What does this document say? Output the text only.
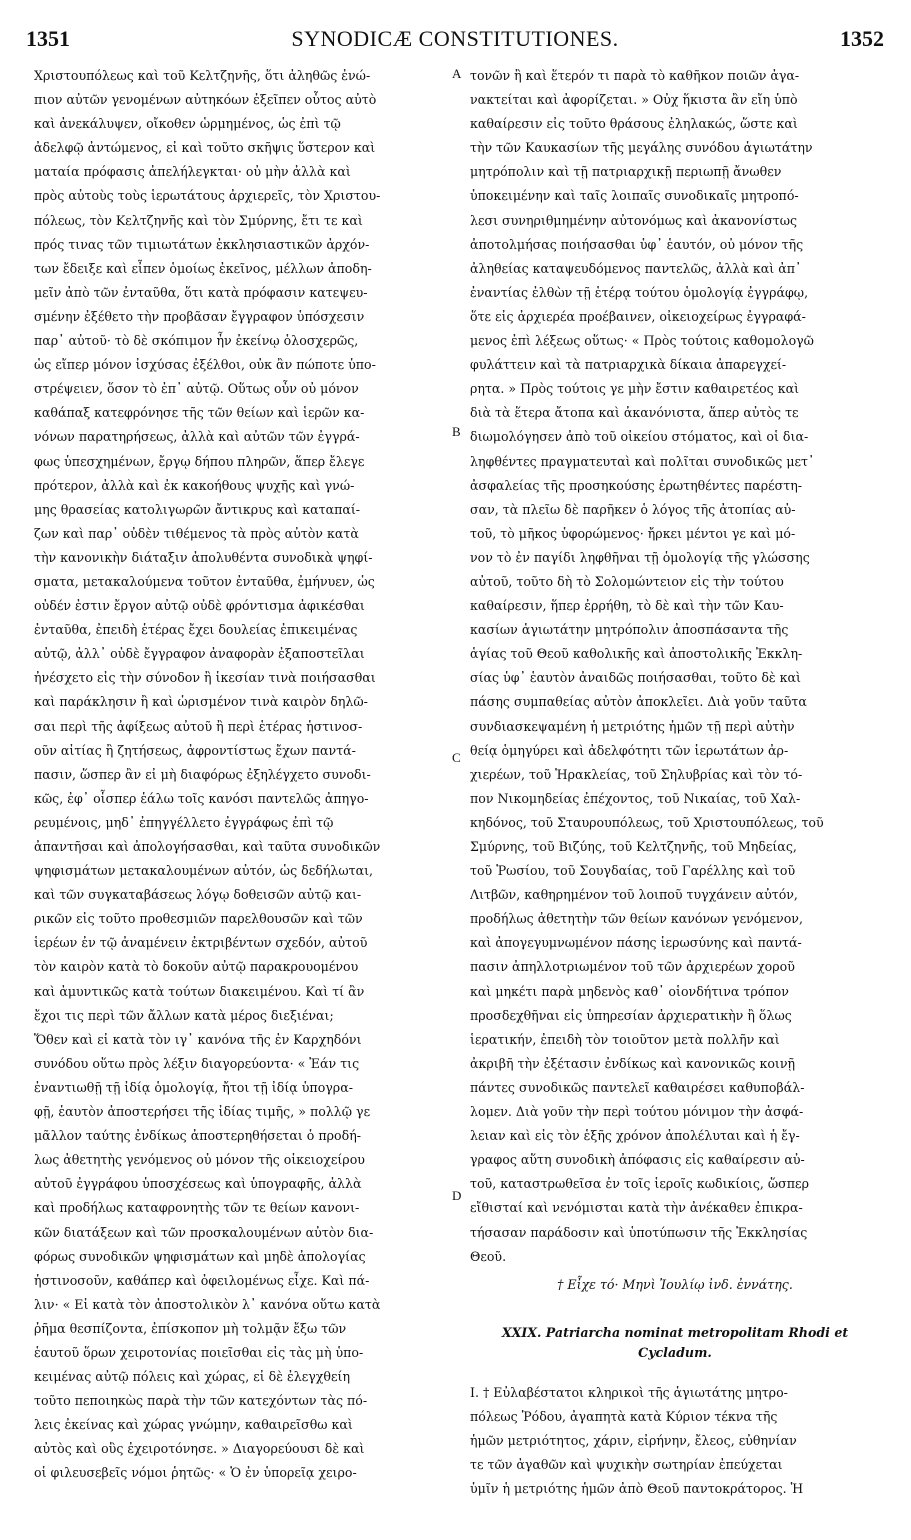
1351	SYNODICÆ CONSTITUTIONES.	1352
A
B
C
D
Χριστουπόλεως καὶ τοῦ Κελτζηνῆς, ὅτι ἀληθῶς ἐνώ-
πιον αὐτῶν γενομένων αὐτηκόων ἐξεῖπεν οὗτος αὐτὸ
καὶ ἀνεκάλυψεν, οἴκοθεν ὡρμημένος, ὡς ἐπὶ τῷ
ἀδελφῷ ἀντώμενος, εἰ καὶ τοῦτο σκῆψις ὕστερον καὶ
ματαία πρόφασις ἀπελήλεγκται· οὐ μὴν ἀλλὰ καὶ
πρὸς αὐτοὺς τοὺς ἱερωτάτους ἀρχιερεῖς, τὸν Χριστου-
πόλεως, τὸν Κελτζηνῆς καὶ τὸν Σμύρνης, ἔτι τε καὶ
πρός τινας τῶν τιμιωτάτων ἐκκλησιαστικῶν ἀρχόν-
των ἔδειξε καὶ εἶπεν ὁμοίως ἐκεῖνος, μέλλων ἀποδη-
μεῖν ἀπὸ τῶν ἐνταῦθα, ὅτι κατὰ πρόφασιν κατεψευ-
σμένην ἐξέθετο τὴν προβᾶσαν ἔγγραφον ὑπόσχεσιν
παρ᾽ αὐτοῦ· τὸ δὲ σκόπιμον ἦν ἐκείνῳ ὁλοσχερῶς,
ὡς εἴπερ μόνον ἰσχύσας ἐξέλθοι, οὐκ ἂν πώποτε ὑπο-
στρέψειεν, ὅσον τὸ ἐπ᾽ αὐτῷ. Οὕτως οὖν οὐ μόνον
καθάπαξ κατεφρόνησε τῆς τῶν θείων καὶ ἱερῶν κα-
νόνων παρατηρήσεως, ἀλλὰ καὶ αὐτῶν τῶν ἐγγρά-
φως ὑπεσχημένων, ἔργῳ δήπου πληρῶν, ἅπερ ἔλεγε
πρότερον, ἀλλὰ καὶ ἐκ κακοήθους ψυχῆς καὶ γνώ-
μης θρασείας κατολιγωρῶν ἄντικρυς καὶ καταπαί-
ζων καὶ παρ᾽ οὐδὲν τιθέμενος τὰ πρὸς αὐτὸν κατὰ
τὴν κανονικὴν διάταξιν ἀπολυθέντα συνοδικὰ ψηφί-
σματα, μετακαλούμενα τοῦτον ἐνταῦθα, ἐμήνυεν, ὡς
οὐδέν ἐστιν ἔργον αὐτῷ οὐδὲ φρόντισμα ἀφικέσθαι
ἐνταῦθα, ἐπειδὴ ἑτέρας ἔχει δουλείας ἐπικειμένας
αὐτῷ, ἀλλ᾽ οὐδὲ ἔγγραφον ἀναφορὰν ἐξαποστεῖλαι
ἠνέσχετο εἰς τὴν σύνοδον ἢ ἱκεσίαν τινὰ ποιήσασθαι
καὶ παράκλησιν ἢ καὶ ὡρισμένον τινὰ καιρὸν δηλῶ-
σαι περὶ τῆς ἀφίξεως αὐτοῦ ἢ περὶ ἑτέρας ἡστινοσ-
οῦν αἰτίας ἢ ζητήσεως, ἀφροντίστως ἔχων παντά-
πασιν, ὥσπερ ἂν εἰ μὴ διαφόρως ἐξηλέγχετο συνοδι-
κῶς, ἐφ᾽ οἷσπερ ἑάλω τοῖς κανόσι παντελῶς ἀπηγο-
ρευμένοις, μηδ᾽ ἐπηγγέλλετο ἐγγράφως ἐπὶ τῷ
ἀπαντῆσαι καὶ ἀπολογήσασθαι, καὶ ταῦτα συνοδικῶν
ψηφισμάτων μετακαλουμένων αὐτόν, ὡς δεδήλωται,
καὶ τῶν συγκαταβάσεως λόγῳ δοθεισῶν αὐτῷ και-
ρικῶν εἰς τοῦτο προθεσμιῶν παρελθουσῶν καὶ τῶν
ἱερέων ἐν τῷ ἀναμένειν ἐκτριβέντων σχεδόν, αὐτοῦ
τὸν καιρὸν κατὰ τὸ δοκοῦν αὐτῷ παρακρουομένου
καὶ ἀμυντικῶς κατὰ τούτων διακειμένου. Καὶ τί ἂν
ἔχοι τις περὶ τῶν ἄλλων κατὰ μέρος διεξιέναι;
Ὅθεν καὶ εἰ κατὰ τὸν ιγ᾽ κανόνα τῆς ἐν Καρχηδόνι
συνόδου οὕτω πρὸς λέξιν διαγορεύοντα· « Ἐάν τις
ἐναντιωθῇ τῇ ἰδίᾳ ὁμολογίᾳ, ἤτοι τῇ ἰδίᾳ ὑπογρα-
φῇ, ἑαυτὸν ἀποστερήσει τῆς ἰδίας τιμῆς, » πολλῷ γε
μᾶλλον ταύτης ἐνδίκως ἀποστερηθήσεται ὁ προδή-
λως ἀθετητὴς γενόμενος οὐ μόνον τῆς οἰκειοχείρου
αὐτοῦ ἐγγράφου ὑποσχέσεως καὶ ὑπογραφῆς, ἀλλὰ
καὶ προδήλως καταφρονητὴς τῶν τε θείων κανονι-
κῶν διατάξεων καὶ τῶν προσκαλουμένων αὐτὸν δια-
φόρως συνοδικῶν ψηφισμάτων καὶ μηδὲ ἀπολογίας
ἡστινοσοῦν, καθάπερ καὶ ὀφειλομένως εἶχε. Καὶ πά-
λιν· « Εἰ κατὰ τὸν ἀποστολικὸν λ᾽ κανόνα οὕτω κατὰ
ῥῆμα θεσπίζοντα, ἐπίσκοπον μὴ τολμᾷν ἔξω τῶν
ἑαυτοῦ ὅρων χειροτονίας ποιεῖσθαι εἰς τὰς μὴ ὑπο-
κειμένας αὐτῷ πόλεις καὶ χώρας, εἰ δὲ ἐλεγχθείη
τοῦτο πεποιηκὼς παρὰ τὴν τῶν κατεχόντων τὰς πό-
λεις ἐκείνας καὶ χώρας γνώμην, καθαιρεῖσθω καὶ
αὐτὸς καὶ οὓς ἐχειροτόνησε. » Διαγορεύουσι δὲ καὶ
οἱ φιλευσεβεῖς νόμοι ῥητῶς· « Ὁ ἐν ὑπορεῖᾳ χειρο-
τονῶν ἢ καὶ ἕτερόν τι παρὰ τὸ καθῆκον ποιῶν ἀγα-
νακτείται καὶ ἀφορίζεται. » Οὐχ ἥκιστα ἂν εἴη ὑπὸ
καθαίρεσιν εἰς τοῦτο θράσους ἐληλακώς, ὥστε καὶ
τὴν τῶν Καυκασίων τῆς μεγάλης συνόδου ἁγιωτάτην
μητρόπολιν καὶ τῇ πατριαρχικῇ περιωπῇ ἄνωθεν
ὑποκειμένην καὶ ταῖς λοιπαῖς συνοδικαῖς μητροπό-
λεσι συνηριθμημένην αὐτονόμως καὶ ἀκανονίστως
ἀποτολμήσας ποιήσασθαι ὑφ᾽ ἑαυτόν, οὐ μόνον τῆς
ἀληθείας καταψευδόμενος παντελῶς, ἀλλὰ καὶ ἀπ᾽
ἐναντίας ἐλθὼν τῇ ἑτέρᾳ τούτου ὁμολογίᾳ ἐγγράφῳ,
ὅτε εἰς ἀρχιερέα προέβαινεν, οἰκειοχείρως ἐγγραφά-
μενος ἐπὶ λέξεως οὕτως· « Πρὸς τούτοις καθομολογῶ
φυλάττειν καὶ τὰ πατριαρχικὰ δίκαια ἀπαρεγχεί-
ρητα. » Πρὸς τούτοις γε μὴν ἔστιν καθαιρετέος καὶ
διὰ τὰ ἕτερα ἄτοπα καὶ ἀκανόνιστα, ἅπερ αὐτὸς τε
διωμολόγησεν ἀπὸ τοῦ οἰκείου στόματος, καὶ οἱ δια-
ληφθέντες πραγματευταὶ καὶ πολῖται συνοδικῶς μετ᾽
ἀσφαλείας τῆς προσηκούσης ἐρωτηθέντες παρέστη-
σαν, τὰ πλεῖω δὲ παρῆκεν ὁ λόγος τῆς ἀτοπίας αὐ-
τοῦ, τὸ μῆκος ὑφορώμενος· ἤρκει μέντοι γε καὶ μό-
νον τὸ ἐν παγίδι ληφθῆναι τῇ ὁμολογίᾳ τῆς γλώσσης
αὐτοῦ, τοῦτο δὴ τὸ Σολομώντειον εἰς τὴν τούτου
καθαίρεσιν, ἥπερ ἐρρήθη, τὸ δὲ καὶ τὴν τῶν Καυ-
κασίων ἁγιωτάτην μητρόπολιν ἀποσπάσαντα τῆς
ἁγίας τοῦ Θεοῦ καθολικῆς καὶ ἀποστολικῆς Ἐκκλη-
σίας ὑφ᾽ ἑαυτὸν ἀναιδῶς ποιήσασθαι, τοῦτο δὲ καὶ
πάσης συμπαθείας αὐτὸν ἀποκλεῖει. Διὰ γοῦν ταῦτα
συνδιασκεψαμένη ἡ μετριότης ἡμῶν τῇ περὶ αὐτὴν
θείᾳ ὁμηγύρει καὶ ἀδελφότητι τῶν ἱερωτάτων ἀρ-
χιερέων, τοῦ Ἡρακλείας, τοῦ Σηλυβρίας καὶ τὸν τό-
πον Νικομηδείας ἐπέχοντος, τοῦ Νικαίας, τοῦ Χαλ-
κηδόνος, τοῦ Σταυρουπόλεως, τοῦ Χριστουπόλεως, τοῦ
Σμύρνης, τοῦ Βιζύης, τοῦ Κελτζηνῆς, τοῦ Μηδείας,
τοῦ Ῥωσίου, τοῦ Σουγδαίας, τοῦ Γαρέλλης καὶ τοῦ
Λιτβῶν, καθηρημένον τοῦ λοιποῦ τυγχάνειν αὐτόν,
προδήλως ἀθετητὴν τῶν θείων κανόνων γενόμενον,
καὶ ἀπογεγυμνωμένον πάσης ἱερωσύνης καὶ παντά-
πασιν ἀπηλλοτριωμένον τοῦ τῶν ἀρχιερέων χοροῦ
καὶ μηκέτι παρὰ μηδενὸς καθ᾽ οἱονδήτινα τρόπον
προσδεχθῆναι εἰς ὑπηρεσίαν ἀρχιερατικὴν ἢ ὅλως
ἱερατικήν, ἐπειδὴ τὸν τοιοῦτον μετὰ πολλῆν καὶ
ἀκριβῆ τὴν ἐξέτασιν ἐνδίκως καὶ κανονικῶς κοινῇ
πάντες συνοδικῶς παντελεῖ καθαιρέσει καθυποβάλ-
λομεν. Διὰ γοῦν τὴν περὶ τούτου μόνιμον τὴν ἀσφά-
λειαν καὶ εἰς τὸν ἑξῆς χρόνον ἀπολέλυται καὶ ἡ ἔγ-
γραφος αὕτη συνοδικὴ ἀπόφασις εἰς καθαίρεσιν αὐ-
τοῦ, καταστρωθεῖσα ἐν τοῖς ἱεροῖς κωδικίοις, ὥσπερ
εἴθισταί καὶ νενόμισται κατὰ τὴν ἀνέκαθεν ἐπικρα-
τήσασαν παράδοσιν καὶ ὑποτύπωσιν τῆς Ἐκκλησίας
Θεοῦ.
† Εἶχε τό· Μηνὶ Ἰουλίῳ ἰνδ. ἐννάτης.
XXIX. Patriarcha nominat metropolitam Rhodi et
Cycladum.
I. † Εὐλαβέστατοι κληρικοὶ τῆς ἁγιωτάτης μητρο-
πόλεως Ῥόδου, ἀγαπητὰ κατὰ Κύριον τέκνα τῆς
ἡμῶν μετριότητος, χάριν, εἰρήνην, ἔλεος, εὐθηνίαν
τε τῶν ἀγαθῶν καὶ ψυχικὴν σωτηρίαν ἐπεύχεται
ὑμῖν ἡ μετριότης ἡμῶν ἀπὸ Θεοῦ παντοκράτορος. Ἡ
